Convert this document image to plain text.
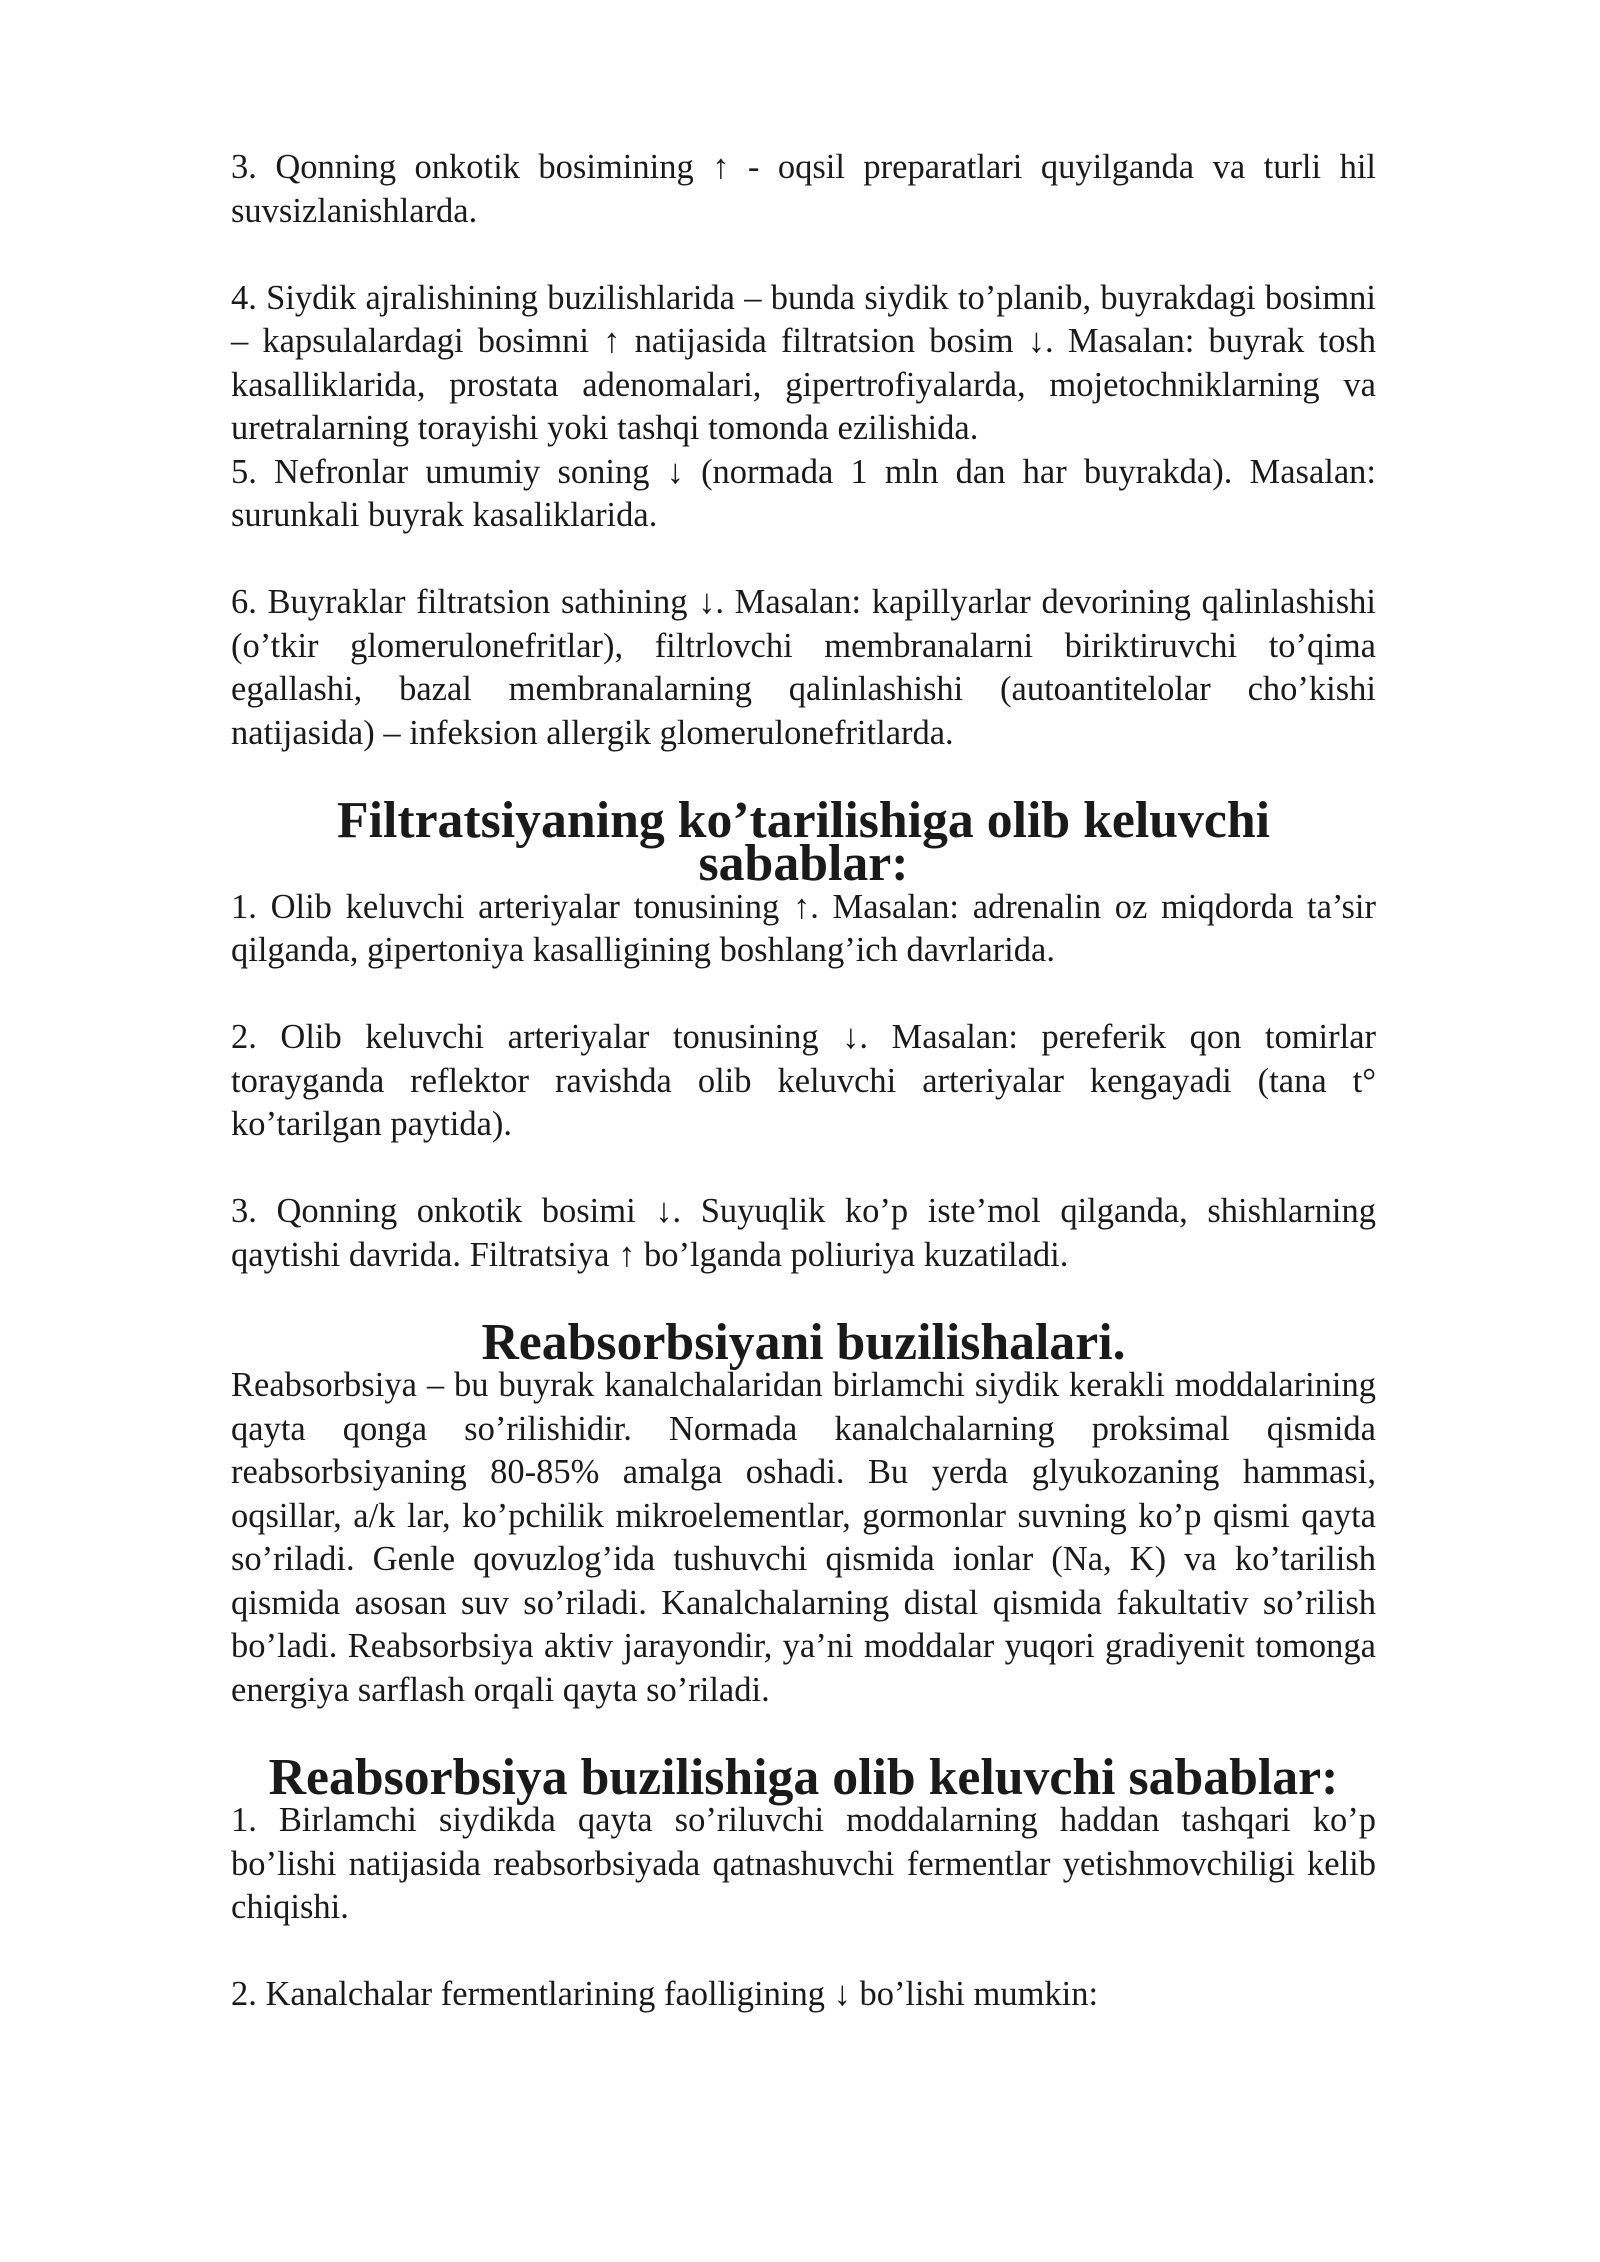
3. Qonning onkotik bosimining ↑ - oqsil preparatlari quyilganda va turli hil suvsizlanishlarda.

4. Siydik ajralishining buzilishlarida – bunda siydik to’planib, buyrakdagi bosimni – kapsulalardagi bosimni ↑ natijasida filtratsion bosim ↓. Masalan: buyrak tosh kasalliklarida, prostata adenomalari, gipertrofiyalarda, mojetochniklarning va uretralarning torayishi yoki tashqi tomonda ezilishida.

5. Nefronlar umumiy soning ↓ (normada 1 mln dan har buyrakda). Masalan: surunkali buyrak kasaliklarida.

6. Buyraklar filtratsion sathining ↓. Masalan: kapillyarlar devorining qalinlashishi (o’tkir glomerulonefritlar), filtrlovchi membranalarni biriktiruvchi to’qima egallashi, bazal membranalarning qalinlashishi (autoantitelolar cho’kishi natijasida) – infeksion allergik glomerulonefritlarda.

Filtratsiyaning ko’tarilishiga olib keluvchi sabablar:

1. Olib keluvchi arteriyalar tonusining ↑. Masalan: adrenalin oz miqdorda ta’sir qilganda, gipertoniya kasalligining boshlang’ich davrlarida.

2. Olib keluvchi arteriyalar tonusining ↓. Masalan: pereferik qon tomirlar torayganda reflektor ravishda olib keluvchi arteriyalar kengayadi (tana t° ko’tarilgan paytida).

3. Qonning onkotik bosimi ↓. Suyuqlik ko’p iste’mol qilganda, shishlarning qaytishi davrida. Filtratsiya ↑ bo’lganda poliuriya kuzatiladi.

Reabsorbsiyani buzilishalari.

Reabsorbsiya – bu buyrak kanalchalaridan birlamchi siydik kerakli moddalarining qayta qonga so’rilishidir. Normada kanalchalarning proksimal qismida reabsorbsiyaning 80-85% amalga oshadi. Bu yerda glyukozaning hammasi, oqsillar, a/k lar, ko’pchilik mikroelementlar, gormonlar suvning ko’p qismi qayta so’riladi. Genle qovuzlog’ida tushuvchi qismida ionlar (Na, K) va ko’tarilish qismida asosan suv so’riladi. Kanalchalarning distal qismida fakultativ so’rilish bo’ladi. Reabsorbsiya aktiv jarayondir, ya’ni moddalar yuqori gradiyenit tomonga energiya sarflash orqali qayta so’riladi.

Reabsorbsiya buzilishiga olib keluvchi sabablar:

1. Birlamchi siydikda qayta so’riluvchi moddalarning haddan tashqari ko’p bo’lishi natijasida reabsorbsiyada qatnashuvchi fermentlar yetishmovchiligi kelib chiqishi.

2. Kanalchalar fermentlarining faolligining ↓ bo’lishi mumkin:
